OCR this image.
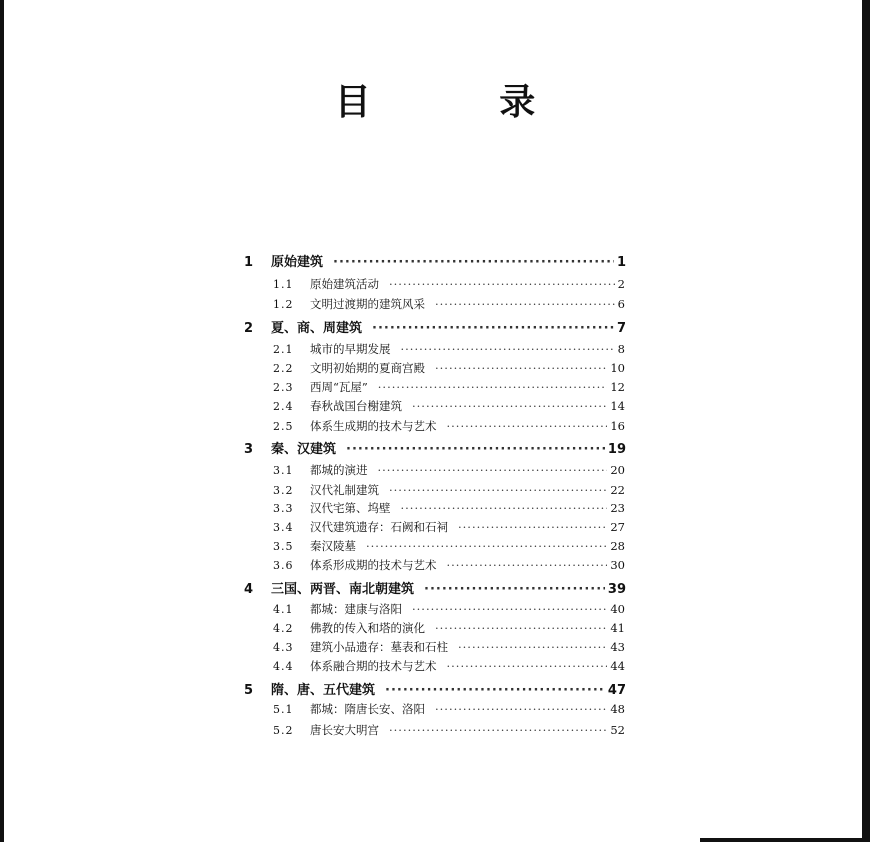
目 录
1	原始建筑 ·····	1
1.1	原始建筑活动 ·····	2
1.2	文明过渡期的建筑风采 ·····	6
2	夏、商、周建筑 ·····	7
2.1	城市的早期发展 ·····	8
2.2	文明初始期的夏商宫殿 ·····	10
2.3	西周“瓦屋” ·····	12
2.4	春秋战国台榭建筑 ·····	14
2.5	体系生成期的技术与艺术 ·····	16
3	秦、汉建筑 ·····	19
3.1	都城的演进 ·····	20
3.2	汉代礼制建筑 ·····	22
3.3	汉代宅第、坞壁 ·····	23
3.4	汉代建筑遗存：石阙和石祠 ·····	27
3.5	秦汉陵墓 ·····	28
3.6	体系形成期的技术与艺术 ·····	30
4	三国、两晋、南北朝建筑 ·····	39
4.1	都城：建康与洛阳 ·····	40
4.2	佛教的传入和塔的演化 ·····	41
4.3	建筑小品遗存：墓表和石柱 ·····	43
4.4	体系融合期的技术与艺术 ·····	44
5	隋、唐、五代建筑 ·····	47
5.1	都城：隋唐长安、洛阳 ·····	48
5.2	唐长安大明宫 ·····	52
